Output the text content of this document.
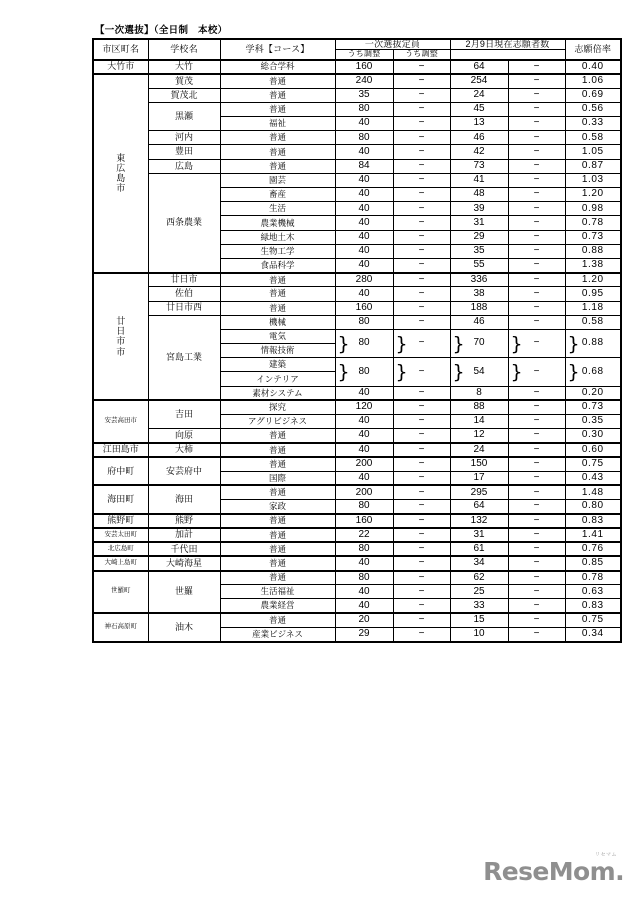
【一次選抜】（全日制　本校）
市区町名	学校名	学科【コース】	一次選抜定員		2月9日現在志願者数		志願倍率
			うち調整	うち調整			
大竹市	大竹	総合学科	160	−	64	−	0.40

東
広
島
市	賀茂	普通	240	−	254	−	1.06
	賀茂北	普通	35	−	24	−	0.69
	黒瀬	普通	80	−	45	−	0.56
		福祉	40	−	13	−	0.33
	河内	普通	80	−	46	−	0.58
	豊田	普通	40	−	42	−	1.05
	広島	普通	84	−	73	−	0.87
	西条農業	園芸	40	−	41	−	1.03
		畜産	40	−	48	−	1.20
		生活	40	−	39	−	0.98
		農業機械	40	−	31	−	0.78
		緑地土木	40	−	29	−	0.73
		生物工学	40	−	35	−	0.88
		食品科学	40	−	55	−	1.38

廿
日
市
市	廿日市	普通	280	−	336	−	1.20
	佐伯	普通	40	−	38	−	0.95
	廿日市西	普通	160	−	188	−	1.18
	宮島工業	機械	80	−	46	−	0.58
		電気	} 80	} −	} 70	} −	} 0.88
		情報技術					
		建築	} 80	} −	} 54	} −	} 0.68
		インテリア					
		素材システム	40	−	8	−	0.20
安芸高田市	吉田	探究	120	−	88	−	0.73
		アグリビジネス	40	−	14	−	0.35
	向原	普通	40	−	12	−	0.30
江田島市	大柿	普通	40	−	24	−	0.60
府中町	安芸府中	普通	200	−	150	−	0.75
		国際	40	−	17	−	0.43
海田町	海田	普通	200	−	295	−	1.48
		家政	80	−	64	−	0.80
熊野町	熊野	普通	160	−	132	−	0.83
安芸太田町	加計	普通	22	−	31	−	1.41
北広島町	千代田	普通	80	−	61	−	0.76
大崎上島町	大崎海星	普通	40	−	34	−	0.85
世羅町	世羅	普通	80	−	62	−	0.78
		生活福祉	40	−	25	−	0.63
		農業経営	40	−	33	−	0.83
神石高原町	油木	普通	20	−	15	−	0.75
		産業ビジネス	29	−	10	−	0.34
リセマム
ReseMom.
